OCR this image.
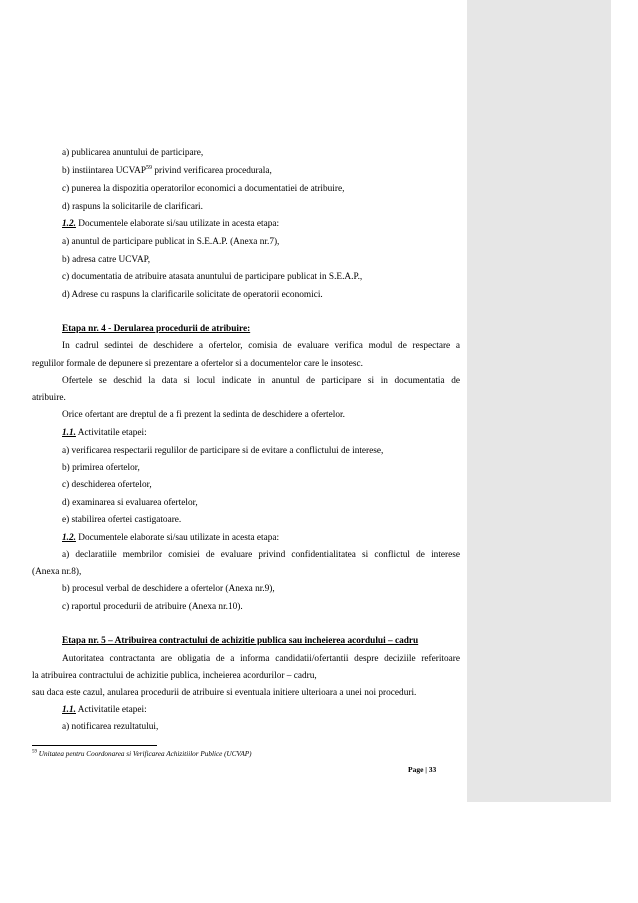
a) publicarea anuntului de participare,
b) instiintarea UCVAP$^{59}$ privind verificarea procedurala,
c) punerea la dispozitia operatorilor economici a documentatiei de atribuire,
d) raspuns la solicitarile de clarificari.
1.2. Documentele elaborate si/sau utilizate in acesta etapa:
a) anuntul de participare publicat in S.E.A.P. (Anexa nr.7),
b) adresa catre UCVAP,
c) documentatia de atribuire atasata anuntului de participare publicat in S.E.A.P.,
d) Adrese cu raspuns la clarificarile solicitate de operatorii economici.
Etapa nr. 4 - Derularea procedurii de atribuire:
In cadrul sedintei de deschidere a ofertelor, comisia de evaluare verifica modul de respectare a
regulilor formale de depunere si prezentare a ofertelor si a documentelor care le insotesc.
Ofertele se deschid la data si locul indicate in anuntul de participare si in documentatia de
atribuire.
Orice ofertant are dreptul de a fi prezent la sedinta de deschidere a ofertelor.
1.1. Activitatile etapei:
a) verificarea respectarii regulilor de participare si de evitare a conflictului de interese,
b) primirea ofertelor,
c) deschiderea ofertelor,
d) examinarea si evaluarea ofertelor,
e) stabilirea ofertei castigatoare.
1.2. Documentele elaborate si/sau utilizate in acesta etapa:
a) declaratiile membrilor comisiei de evaluare privind confidentialitatea si conflictul de interese
(Anexa nr.8),
b) procesul verbal de deschidere a ofertelor (Anexa nr.9),
c) raportul procedurii de atribuire (Anexa nr.10).
Etapa nr. 5 – Atribuirea contractului de achizitie publica sau incheierea acordului – cadru
Autoritatea contractanta are obligatia de a informa candidatii/ofertantii despre deciziile referitoare
la atribuirea contractului de achizitie publica, incheierea acordurilor – cadru,
sau daca este cazul, anularea procedurii de atribuire si eventuala initiere ulterioara a unei noi proceduri.
1.1. Activitatile etapei:
a) notificarea rezultatului,
$^{59}$ Unitatea pentru Coordonarea si Verificarea Achizitiilor Publice (UCVAP)
Page | 33
